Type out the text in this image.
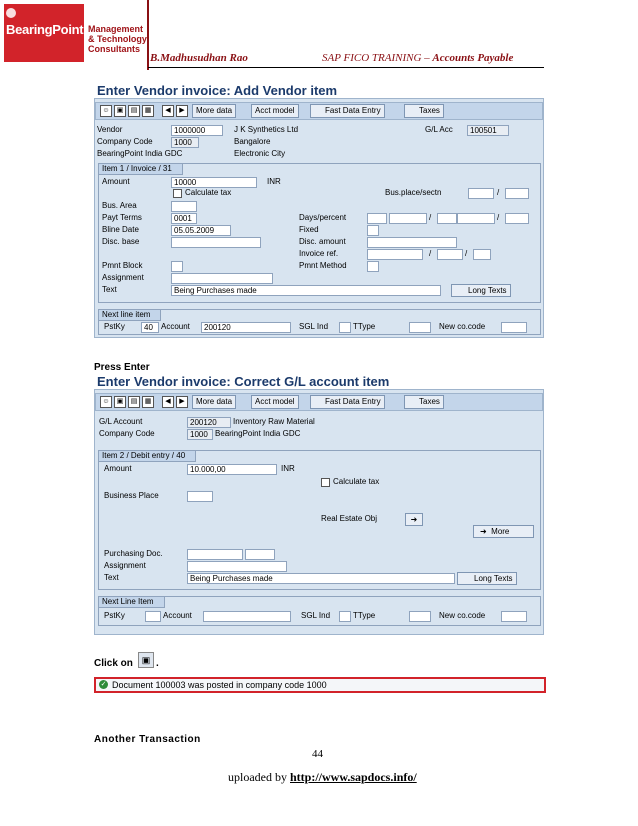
BearingPoint. Management
& Technology
Consultants
B.Madhusudhan Rao	SAP FICO TRAINING – Accounts Payable
Enter Vendor invoice: Add Vendor item
☺	▣	▤	▦	◀	▶	More data	Acct model	Fast Data Entry	Taxes
Vendor	1000000	J K Synthetics Ltd	G/L Acc	100501
Company Code	1000	Bangalore
BearingPoint India GDC	Electronic City
Item 1 / Invoice / 31
Amount	10000	INR
Calculate tax	Bus.place/sectn	/
Bus. Area
Payt Terms	0001	Days/percent	/	/
Bline Date	05.05.2009	Fixed
Disc. base	Disc. amount
Invoice ref.	/	/
Pmnt Block	Pmnt Method
Assignment
Text	Being Purchases made	Long Texts
Next line item
PstKy	40	Account	200120	SGL Ind	TType	New co.code
Press Enter
Enter Vendor invoice: Correct G/L account item
☺	▣	▤	▦	◀	▶	More data	Acct model	Fast Data Entry	Taxes
G/L Account	200120	Inventory Raw Material
Company Code	1000 BearingPoint India GDC
Item 2 / Debit entry / 40
Amount	10.000,00	INR
Calculate tax
Business Place
Real Estate Obj	➜
➜ More
Purchasing Doc.
Assignment
Text	Being Purchases made	Long Texts
Next Line Item
PstKy	Account	SGL Ind	TType	New co.code
Click on ▣ .
✓ Document 100003 was posted in company code 1000
Another Transaction
44
uploaded by http://www.sapdocs.info/
